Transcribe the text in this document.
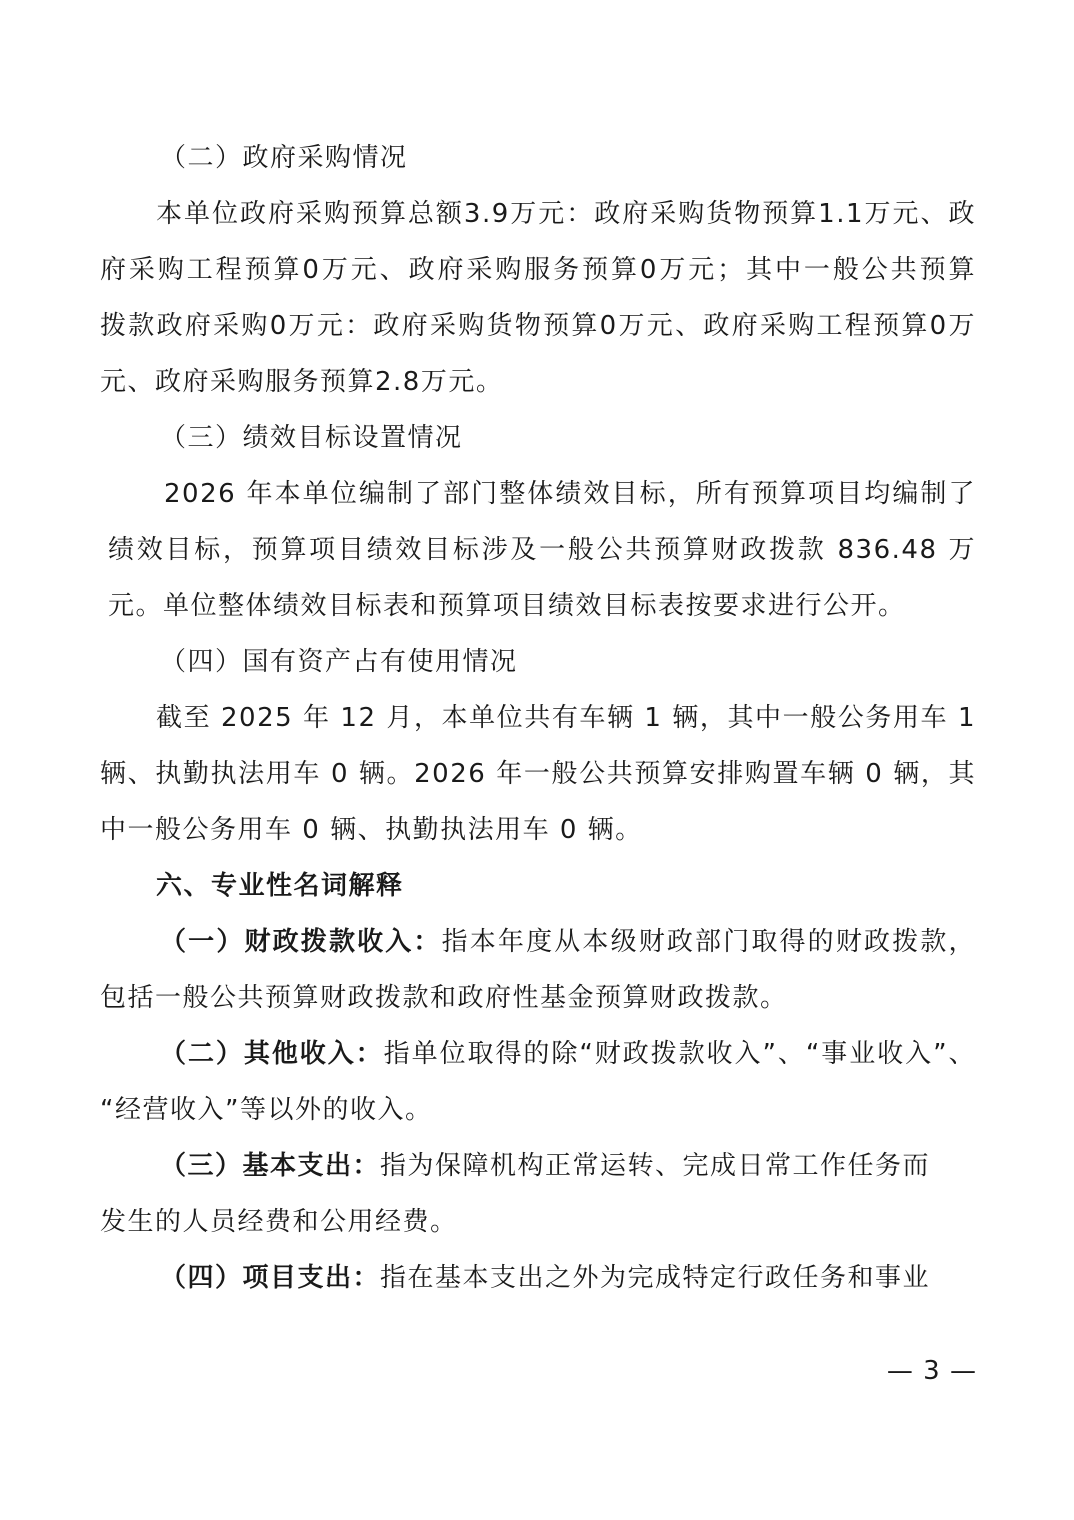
（二）政府采购情况
本单位政府采购预算总额3.9万元：政府采购货物预算1.1万元、政
府采购工程预算0万元、政府采购服务预算0万元；其中一般公共预算
拨款政府采购0万元：政府采购货物预算0万元、政府采购工程预算0万
元、政府采购服务预算2.8万元。
（三）绩效目标设置情况
2026 年本单位编制了部门整体绩效目标，所有预算项目均编制了
绩效目标，预算项目绩效目标涉及一般公共预算财政拨款 836.48 万
元。单位整体绩效目标表和预算项目绩效目标表按要求进行公开。
（四）国有资产占有使用情况
截至 2025 年 12 月，本单位共有车辆 1 辆，其中一般公务用车 1
辆、执勤执法用车 0 辆。2026 年一般公共预算安排购置车辆 0 辆，其
中一般公务用车 0 辆、执勤执法用车 0 辆。
六、专业性名词解释
（一）财政拨款收入：指本年度从本级财政部门取得的财政拨款，
包括一般公共预算财政拨款和政府性基金预算财政拨款。
（二）其他收入：指单位取得的除“财政拨款收入”、“事业收入”、
“经营收入”等以外的收入。
（三）基本支出：指为保障机构正常运转、完成日常工作任务而
发生的人员经费和公用经费。
（四）项目支出：指在基本支出之外为完成特定行政任务和事业
— 3 —
